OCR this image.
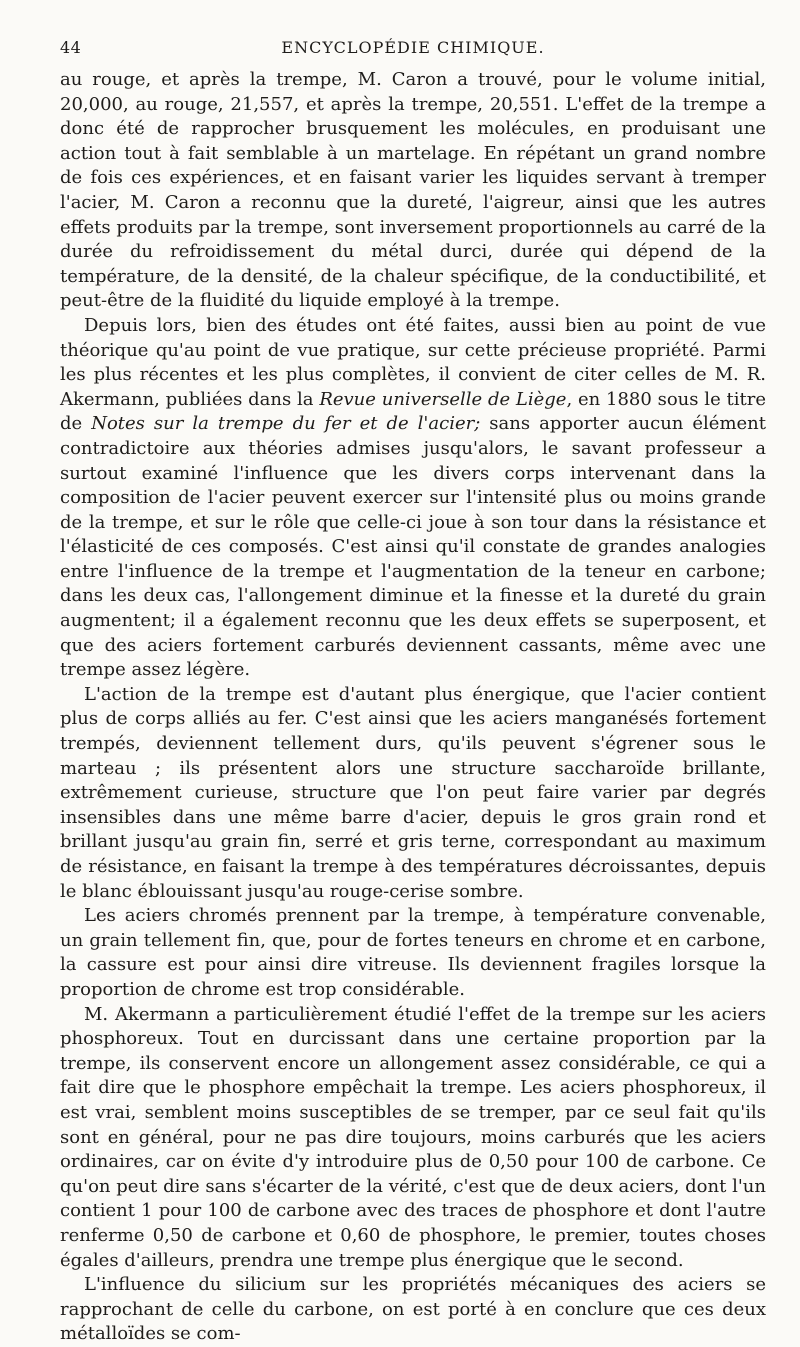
44	ENCYCLOPÉDIE CHIMIQUE.

au rouge, et après la trempe, M. Caron a trouvé, pour le volume initial, 20,000, au rouge, 21,557, et après la trempe, 20,551. L'effet de la trempe a donc été de rapprocher brusquement les molécules, en produisant une action tout à fait semblable à un martelage. En répétant un grand nombre de fois ces expériences, et en faisant varier les liquides servant à tremper l'acier, M. Caron a reconnu que la dureté, l'aigreur, ainsi que les autres effets produits par la trempe, sont inversement proportionnels au carré de la durée du refroidissement du métal durci, durée qui dépend de la température, de la densité, de la chaleur spécifique, de la conductibilité, et peut-être de la fluidité du liquide employé à la trempe.

Depuis lors, bien des études ont été faites, aussi bien au point de vue théorique qu'au point de vue pratique, sur cette précieuse propriété. Parmi les plus récentes et les plus complètes, il convient de citer celles de M. R. Akermann, publiées dans la Revue universelle de Liège, en 1880 sous le titre de Notes sur la trempe du fer et de l'acier; sans apporter aucun élément contradictoire aux théories admises jusqu'alors, le savant professeur a surtout examiné l'influence que les divers corps intervenant dans la composition de l'acier peuvent exercer sur l'intensité plus ou moins grande de la trempe, et sur le rôle que celle-ci joue à son tour dans la résistance et l'élasticité de ces composés. C'est ainsi qu'il constate de grandes analogies entre l'influence de la trempe et l'augmentation de la teneur en carbone; dans les deux cas, l'allongement diminue et la finesse et la dureté du grain augmentent; il a également reconnu que les deux effets se superposent, et que des aciers fortement carburés deviennent cassants, même avec une trempe assez légère.

L'action de la trempe est d'autant plus énergique, que l'acier contient plus de corps alliés au fer. C'est ainsi que les aciers manganésés fortement trempés, deviennent tellement durs, qu'ils peuvent s'égrener sous le marteau ; ils présentent alors une structure saccharoïde brillante, extrêmement curieuse, structure que l'on peut faire varier par degrés insensibles dans une même barre d'acier, depuis le gros grain rond et brillant jusqu'au grain fin, serré et gris terne, correspondant au maximum de résistance, en faisant la trempe à des températures décroissantes, depuis le blanc éblouissant jusqu'au rouge-cerise sombre.

Les aciers chromés prennent par la trempe, à température convenable, un grain tellement fin, que, pour de fortes teneurs en chrome et en carbone, la cassure est pour ainsi dire vitreuse. Ils deviennent fragiles lorsque la proportion de chrome est trop considérable.

M. Akermann a particulièrement étudié l'effet de la trempe sur les aciers phosphoreux. Tout en durcissant dans une certaine proportion par la trempe, ils conservent encore un allongement assez considérable, ce qui a fait dire que le phosphore empêchait la trempe. Les aciers phosphoreux, il est vrai, semblent moins susceptibles de se tremper, par ce seul fait qu'ils sont en général, pour ne pas dire toujours, moins carburés que les aciers ordinaires, car on évite d'y introduire plus de 0,50 pour 100 de carbone. Ce qu'on peut dire sans s'écarter de la vérité, c'est que de deux aciers, dont l'un contient 1 pour 100 de carbone avec des traces de phosphore et dont l'autre renferme 0,50 de carbone et 0,60 de phosphore, le premier, toutes choses égales d'ailleurs, prendra une trempe plus énergique que le second.

L'influence du silicium sur les propriétés mécaniques des aciers se rapprochant de celle du carbone, on est porté à en conclure que ces deux métalloïdes se com-
